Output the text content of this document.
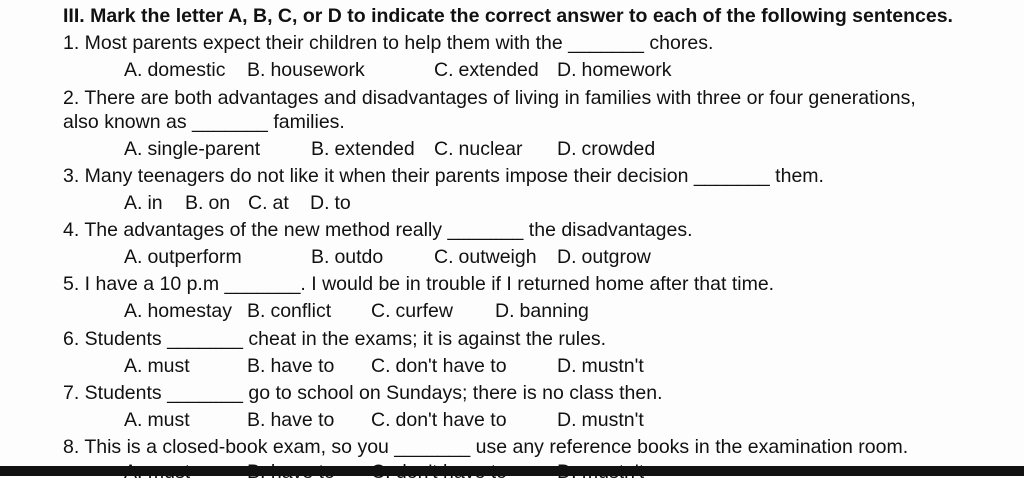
III. Mark the letter A, B, C, or D to indicate the correct answer to each of the following sentences.
1. Most parents expect their children to help them with the _______ chores.
A. domestic B. housework	C. extended D. homework
2. There are both advantages and disadvantages of living in families with three or four generations,
also known as _______ families.
A. single-parent	B. extended C. nuclear D. crowded
3. Many teenagers do not like it when their parents impose their decision _______ them.
A. in B. on C. at D. to
4. The advantages of the new method really _______ the disadvantages.
A. outperform	B. outdo	C. outweigh D. outgrow
5. I have a 10 p.m _______. I would be in trouble if I returned home after that time.
A. homestay B. conflict C. curfew D. banning
6. Students _______ cheat in the exams; it is against the rules.
A. must	B. have to C. don't have to	D. mustn't
7. Students _______ go to school on Sundays; there is no class then.
A. must	B. have to C. don't have to	D. mustn't
8. This is a closed-book exam, so you _______ use any reference books in the examination room.
